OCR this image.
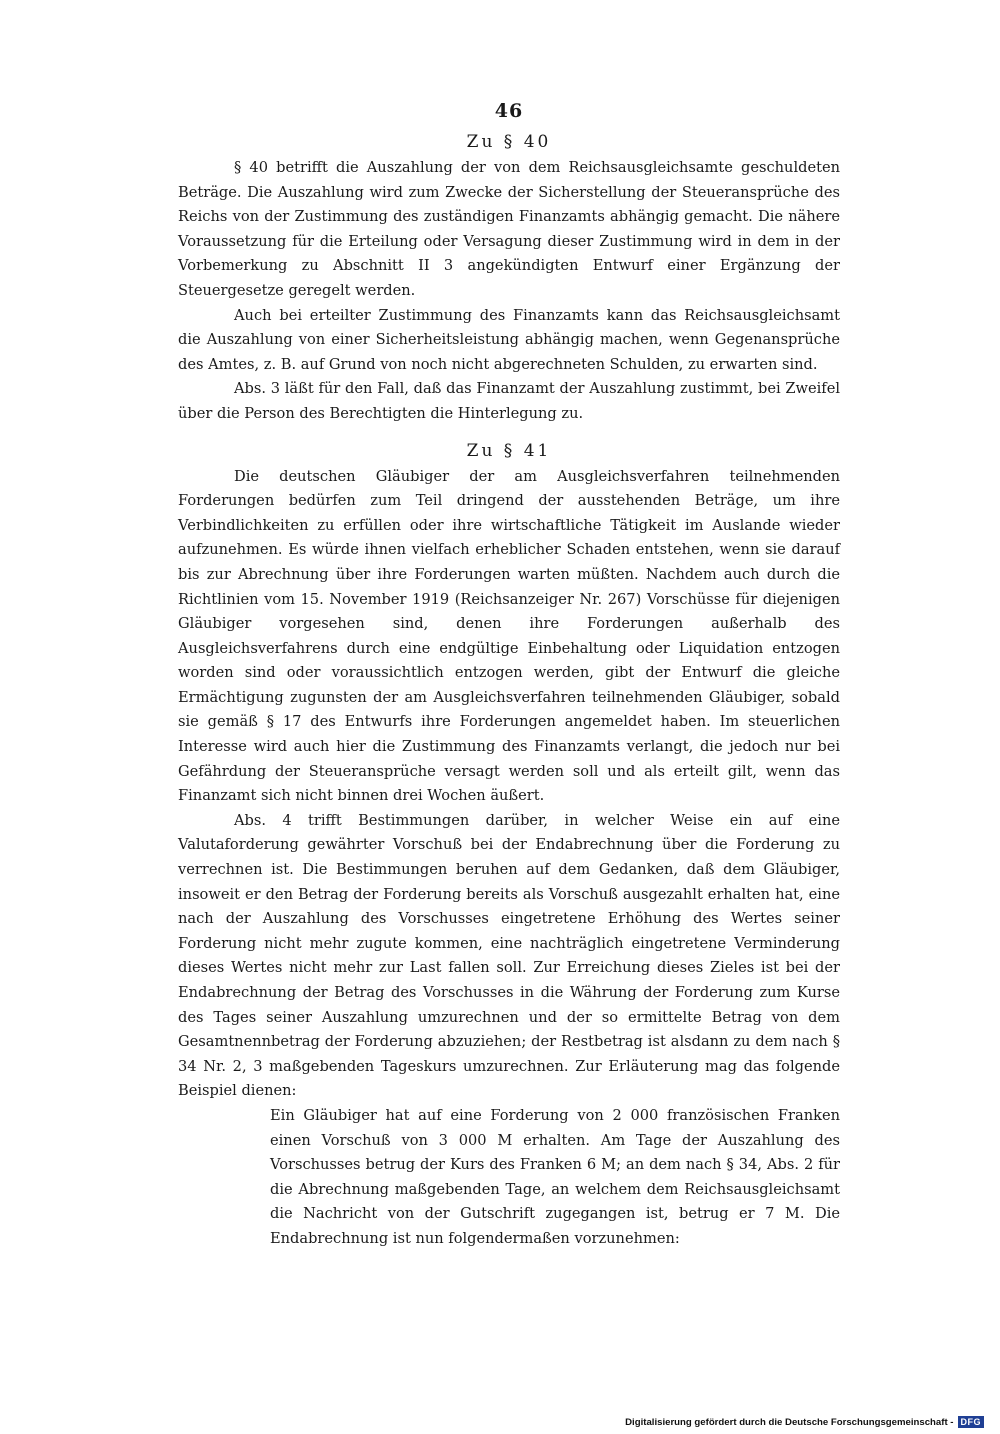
46
Zu § 40

§ 40 betrifft die Auszahlung der von dem Reichsausgleichsamte geschuldeten Beträge. Die Auszahlung wird zum Zwecke der Sicherstellung der Steueransprüche des Reichs von der Zustimmung des zuständigen Finanzamts abhängig gemacht. Die nähere Voraussetzung für die Erteilung oder Versagung dieser Zustimmung wird in dem in der Vorbemerkung zu Abschnitt II 3 angekündigten Entwurf einer Ergänzung der Steuergesetze geregelt werden.

Auch bei erteilter Zustimmung des Finanzamts kann das Reichsausgleichsamt die Auszahlung von einer Sicherheitsleistung abhängig machen, wenn Gegenansprüche des Amtes, z. B. auf Grund von noch nicht abgerechneten Schulden, zu erwarten sind.

Abs. 3 läßt für den Fall, daß das Finanzamt der Auszahlung zustimmt, bei Zweifel über die Person des Berechtigten die Hinterlegung zu.

Zu § 41

Die deutschen Gläubiger der am Ausgleichsverfahren teilnehmenden Forderungen bedürfen zum Teil dringend der ausstehenden Beträge, um ihre Verbindlichkeiten zu erfüllen oder ihre wirtschaftliche Tätigkeit im Auslande wieder aufzunehmen. Es würde ihnen vielfach erheblicher Schaden entstehen, wenn sie darauf bis zur Abrechnung über ihre Forderungen warten müßten. Nachdem auch durch die Richtlinien vom 15. November 1919 (Reichsanzeiger Nr. 267) Vorschüsse für diejenigen Gläubiger vorgesehen sind, denen ihre Forderungen außerhalb des Ausgleichsverfahrens durch eine endgültige Einbehaltung oder Liquidation entzogen worden sind oder voraussichtlich entzogen werden, gibt der Entwurf die gleiche Ermächtigung zugunsten der am Ausgleichsverfahren teilnehmenden Gläubiger, sobald sie gemäß § 17 des Entwurfs ihre Forderungen angemeldet haben. Im steuerlichen Interesse wird auch hier die Zustimmung des Finanzamts verlangt, die jedoch nur bei Gefährdung der Steueransprüche versagt werden soll und als erteilt gilt, wenn das Finanzamt sich nicht binnen drei Wochen äußert.

Abs. 4 trifft Bestimmungen darüber, in welcher Weise ein auf eine Valutaforderung gewährter Vorschuß bei der Endabrechnung über die Forderung zu verrechnen ist. Die Bestimmungen beruhen auf dem Gedanken, daß dem Gläubiger, insoweit er den Betrag der Forderung bereits als Vorschuß ausgezahlt erhalten hat, eine nach der Auszahlung des Vorschusses eingetretene Erhöhung des Wertes seiner Forderung nicht mehr zugute kommen, eine nachträglich eingetretene Verminderung dieses Wertes nicht mehr zur Last fallen soll. Zur Erreichung dieses Zieles ist bei der Endabrechnung der Betrag des Vorschusses in die Währung der Forderung zum Kurse des Tages seiner Auszahlung umzurechnen und der so ermittelte Betrag von dem Gesamtnennbetrag der Forderung abzuziehen; der Restbetrag ist alsdann zu dem nach § 34 Nr. 2, 3 maßgebenden Tageskurs umzurechnen. Zur Erläuterung mag das folgende Beispiel dienen:

Ein Gläubiger hat auf eine Forderung von 2 000 französischen Franken einen Vorschuß von 3 000 M erhalten. Am Tage der Auszahlung des Vorschusses betrug der Kurs des Franken 6 M; an dem nach § 34, Abs. 2 für die Abrechnung maßgebenden Tage, an welchem dem Reichsausgleichsamt die Nachricht von der Gutschrift zugegangen ist, betrug er 7 M. Die Endabrechnung ist nun folgendermaßen vorzunehmen:

Digitalisierung gefördert durch die Deutsche Forschungsgemeinschaft - DFG
